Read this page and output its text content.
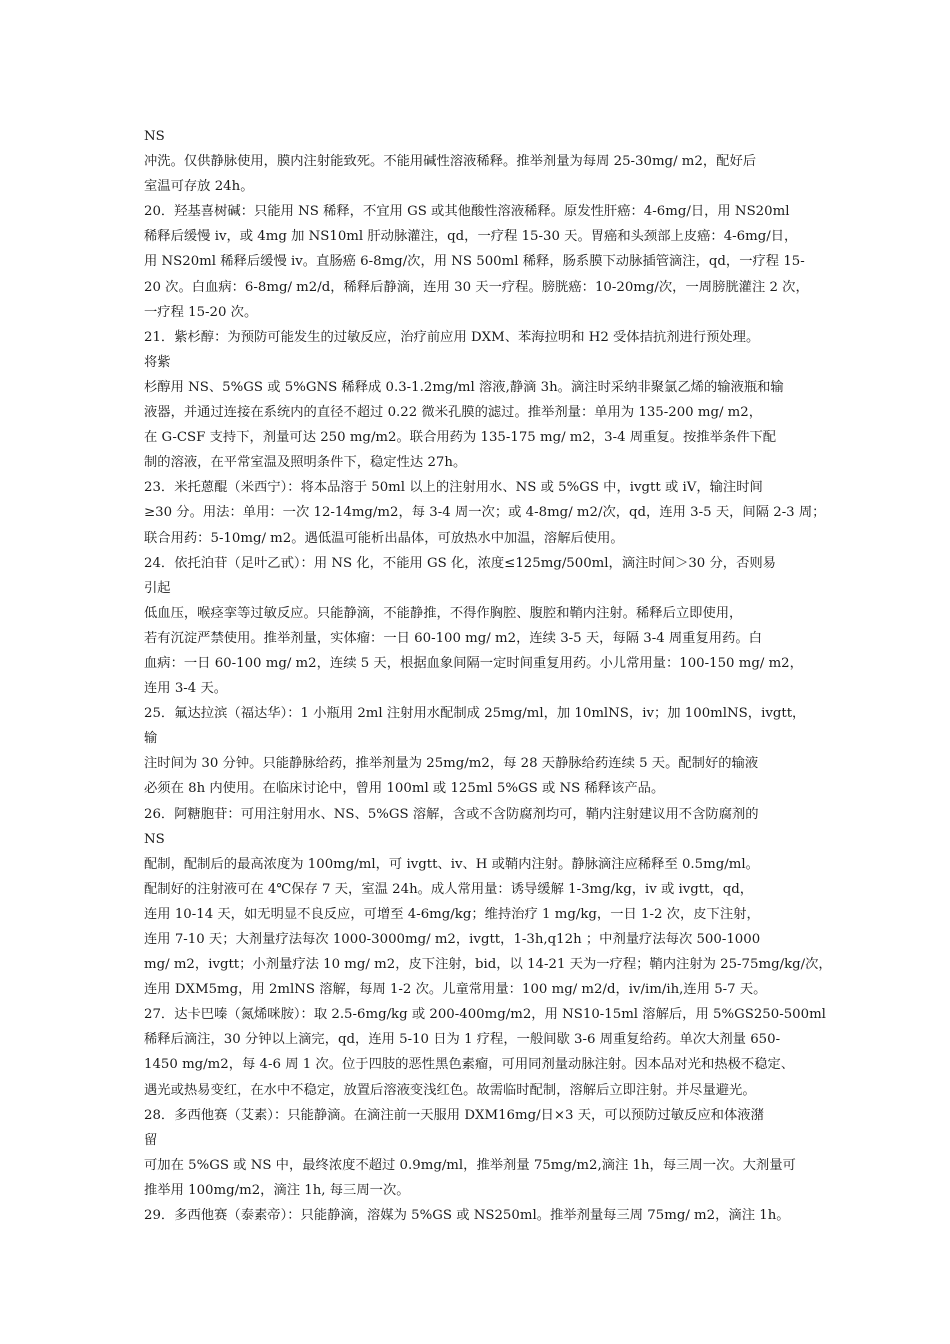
NS
冲洗。仅供静脉使用，膜内注射能致死。不能用碱性溶液稀释。推举剂量为每周 25-30mg/ m2，配好后
室温可存放 24h。
20．羟基喜树碱：只能用 NS 稀释，不宜用 GS 或其他酸性溶液稀释。原发性肝癌：4-6mg/日，用 NS20ml
稀释后缓慢 iv，或 4mg 加 NS10ml 肝动脉灌注，qd，一疗程 15-30 天。胃癌和头颈部上皮癌：4-6mg/日，
用 NS20ml 稀释后缓慢 iv。直肠癌 6-8mg/次，用 NS 500ml 稀释，肠系膜下动脉插管滴注，qd，一疗程 15-
20 次。白血病：6-8mg/ m2/d，稀释后静滴，连用 30 天一疗程。膀胱癌：10-20mg/次，一周膀胱灌注 2 次，
一疗程 15-20 次。
21．紫杉醇：为预防可能发生的过敏反应，治疗前应用 DXM、苯海拉明和 H2 受体拮抗剂进行预处理。
将紫
杉醇用 NS、5%GS 或 5%GNS 稀释成 0.3-1.2mg/ml 溶液,静滴 3h。滴注时采纳非聚氯乙烯的输液瓶和输
液器，并通过连接在系统内的直径不超过 0.22 微米孔膜的滤过。推举剂量：单用为 135-200 mg/ m2，
在 G-CSF 支持下，剂量可达 250 mg/m2。联合用药为 135-175 mg/ m2，3-4 周重复。按推举条件下配
制的溶液，在平常室温及照明条件下，稳定性达 27h。
23．米托蒽醌（米西宁）：将本品溶于 50ml 以上的注射用水、NS 或 5%GS 中，ivgtt 或 iV，输注时间
≥30 分。用法：单用：一次 12-14mg/m2，每 3-4 周一次；或 4-8mg/ m2/次，qd，连用 3-5 天，间隔 2-3 周；
联合用药：5-10mg/ m2。遇低温可能析出晶体，可放热水中加温，溶解后使用。
24．依托泊苷（足叶乙甙）：用 NS 化，不能用 GS 化，浓度≤125mg/500ml，滴注时间＞30 分，否则易
引起
低血压，喉痉挛等过敏反应。只能静滴，不能静推，不得作胸腔、腹腔和鞘内注射。稀释后立即使用，
若有沉淀严禁使用。推举剂量，实体瘤：一日 60-100 mg/ m2，连续 3-5 天，每隔 3-4 周重复用药。白
血病：一日 60-100 mg/ m2，连续 5 天，根据血象间隔一定时间重复用药。小儿常用量：100-150 mg/ m2，
连用 3-4 天。
25．氟达拉滨（福达华）：1 小瓶用 2ml 注射用水配制成 25mg/ml，加 10mlNS，iv；加 100mlNS，ivgtt，
输
注时间为 30 分钟。只能静脉给药，推举剂量为 25mg/m2，每 28 天静脉给药连续 5 天。配制好的输液
必须在 8h 内使用。在临床讨论中，曾用 100ml 或 125ml 5%GS 或 NS 稀释该产品。
26．阿糖胞苷：可用注射用水、NS、5%GS 溶解，含或不含防腐剂均可，鞘内注射建议用不含防腐剂的
NS
配制，配制后的最高浓度为 100mg/ml，可 ivgtt、iv、H 或鞘内注射。静脉滴注应稀释至 0.5mg/ml。
配制好的注射液可在 4℃保存 7 天，室温 24h。成人常用量：诱导缓解 1-3mg/kg，iv 或 ivgtt，qd，
连用 10-14 天，如无明显不良反应，可增至 4-6mg/kg；维持治疗 1 mg/kg，一日 1-2 次，皮下注射，
连用 7-10 天；大剂量疗法每次 1000-3000mg/ m2，ivgtt，1-3h,q12h ；中剂量疗法每次 500-1000
mg/ m2，ivgtt；小剂量疗法 10 mg/ m2，皮下注射，bid，以 14-21 天为一疗程；鞘内注射为 25-75mg/kg/次，
连用 DXM5mg，用 2mlNS 溶解，每周 1-2 次。儿童常用量：100 mg/ m2/d，iv/im/ih,连用 5-7 天。
27．达卡巴嗪（氮烯咪胺）：取 2.5-6mg/kg 或 200-400mg/m2，用 NS10-15ml 溶解后，用 5%GS250-500ml
稀释后滴注，30 分钟以上滴完，qd，连用 5-10 日为 1 疗程，一般间歇 3-6 周重复给药。单次大剂量 650-
1450 mg/m2，每 4-6 周 1 次。位于四肢的恶性黑色素瘤，可用同剂量动脉注射。因本品对光和热极不稳定、
遇光或热易变红，在水中不稳定，放置后溶液变浅红色。故需临时配制，溶解后立即注射。并尽量避光。
28．多西他赛（艾素）：只能静滴。在滴注前一天服用 DXM16mg/日×3 天，可以预防过敏反应和体液潴
留
可加在 5%GS 或 NS 中，最终浓度不超过 0.9mg/ml，推举剂量 75mg/m2,滴注 1h，每三周一次。大剂量可
推举用 100mg/m2，滴注 1h, 每三周一次。
29．多西他赛（泰素帝）：只能静滴，溶媒为 5%GS 或 NS250ml。推举剂量每三周 75mg/ m2，滴注 1h。
